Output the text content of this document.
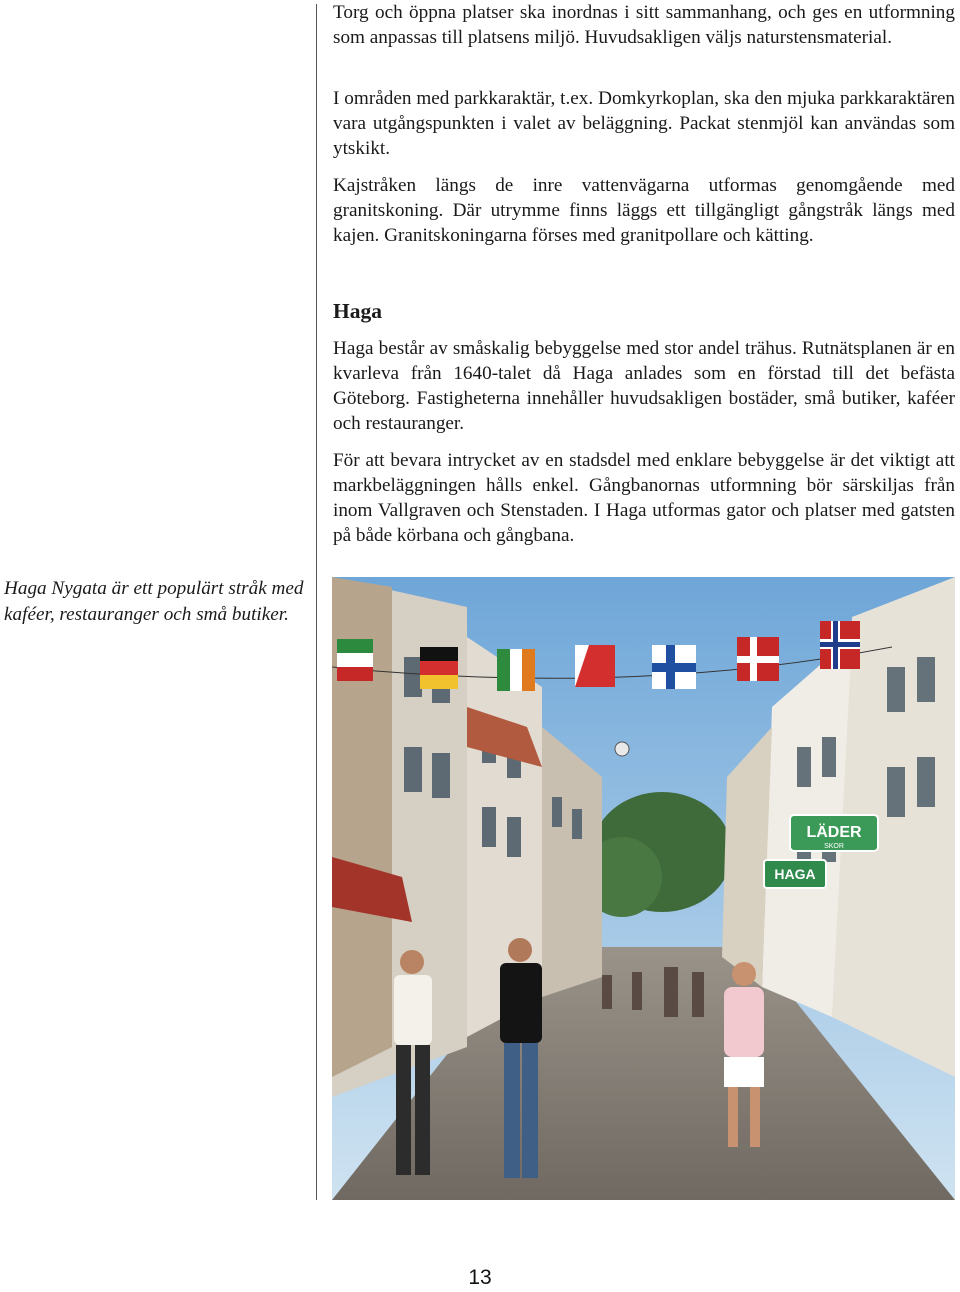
Torg och öppna platser ska inordnas i sitt sammanhang, och ges en utformning som anpassas till platsens miljö. Huvudsakligen väljs naturstensmaterial.
I områden med parkkaraktär, t.ex. Domkyrkoplan, ska den mjuka parkkaraktären vara utgångspunkten i valet av beläggning. Packat stenmjöl kan användas som ytskikt.
Kajstråken längs de inre vattenvägarna utformas genomgående med granitskoning. Där utrymme finns läggs ett tillgängligt gångstråk längs med kajen. Granitskoningarna förses med granitpollare och kätting.
Haga
Haga består av småskalig bebyggelse med stor andel trähus. Rutnätsplanen är en kvarleva från 1640-talet då Haga anlades som en förstad till det befästa Göteborg. Fastigheterna innehåller huvudsakligen bostäder, små butiker, kaféer och restauranger.
För att bevara intrycket av en stadsdel med enklare bebyggelse är det viktigt att markbeläggningen hålls enkel. Gångbanornas utformning bör särskiljas från inom Vallgraven och Stenstaden. I Haga utformas gator och platser med gatsten på både körbana och gångbana.

Haga Nygata är ett populärt stråk med kaféer, restauranger och små butiker.

LÄDER
SKOR
HAGA
13
